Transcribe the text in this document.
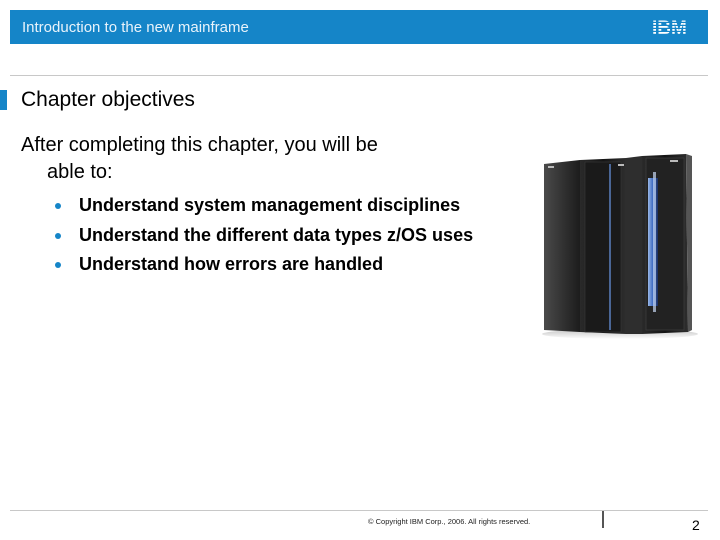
Introduction to the new mainframe	IBM
Chapter objectives
After completing this chapter, you will be
able to:
Understand system management disciplines
Understand the different data types z/OS uses
Understand how errors are handled
© Copyright IBM Corp., 2006. All rights reserved.	2
